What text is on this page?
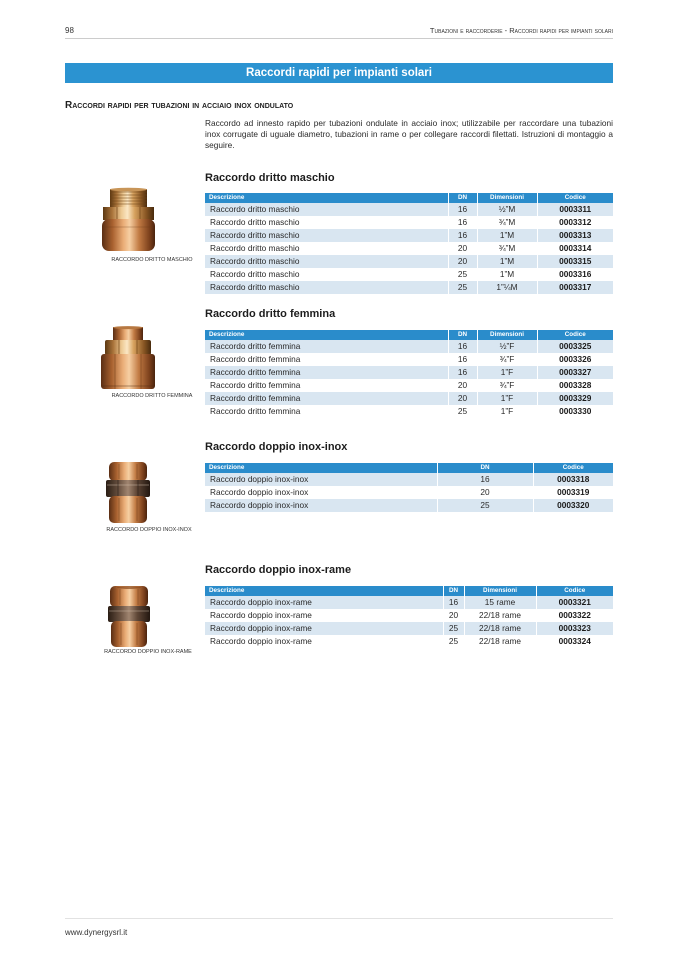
98	Tubazioni e raccorderie - Raccordi rapidi per impianti solari
Raccordi rapidi per impianti solari
Raccordi rapidi per tubazioni in acciaio inox ondulato
Raccordo ad innesto rapido per tubazioni ondulate in acciaio inox; utilizzabile per raccordare una tubazioni inox corrugate di uguale diametro, tubazioni in rame o per collegare raccordi filettati. Istruzioni di montaggio a seguire.
Raccordo dritto maschio
RACCORDO DRITTO MASCHIO
Descrizione	DN	Dimensioni	Codice
Raccordo dritto maschio	16	½”M	0003311
Raccordo dritto maschio	16	¾”M	0003312
Raccordo dritto maschio	16	1”M	0003313
Raccordo dritto maschio	20	¾”M	0003314
Raccordo dritto maschio	20	1”M	0003315
Raccordo dritto maschio	25	1”M	0003316
Raccordo dritto maschio	25	1”¼M	0003317
Raccordo dritto femmina
RACCORDO DRITTO FEMMINA
Descrizione	DN	Dimensioni	Codice
Raccordo dritto femmina	16	½”F	0003325
Raccordo dritto femmina	16	¾”F	0003326
Raccordo dritto femmina	16	1”F	0003327
Raccordo dritto femmina	20	¾”F	0003328
Raccordo dritto femmina	20	1”F	0003329
Raccordo dritto femmina	25	1”F	0003330
Raccordo doppio inox-inox
RACCORDO DOPPIO INOX-INOX
Descrizione	DN	Codice
Raccordo doppio inox-inox	16	0003318
Raccordo doppio inox-inox	20	0003319
Raccordo doppio inox-inox	25	0003320
Raccordo doppio inox-rame
RACCORDO DOPPIO INOX-RAME
Descrizione	DN	Dimensioni	Codice
Raccordo doppio inox-rame	16	15 rame	0003321
Raccordo doppio inox-rame	20	22/18 rame	0003322
Raccordo doppio inox-rame	25	22/18 rame	0003323
Raccordo doppio inox-rame	25	22/18 rame	0003324
www.dynergysrl.it
